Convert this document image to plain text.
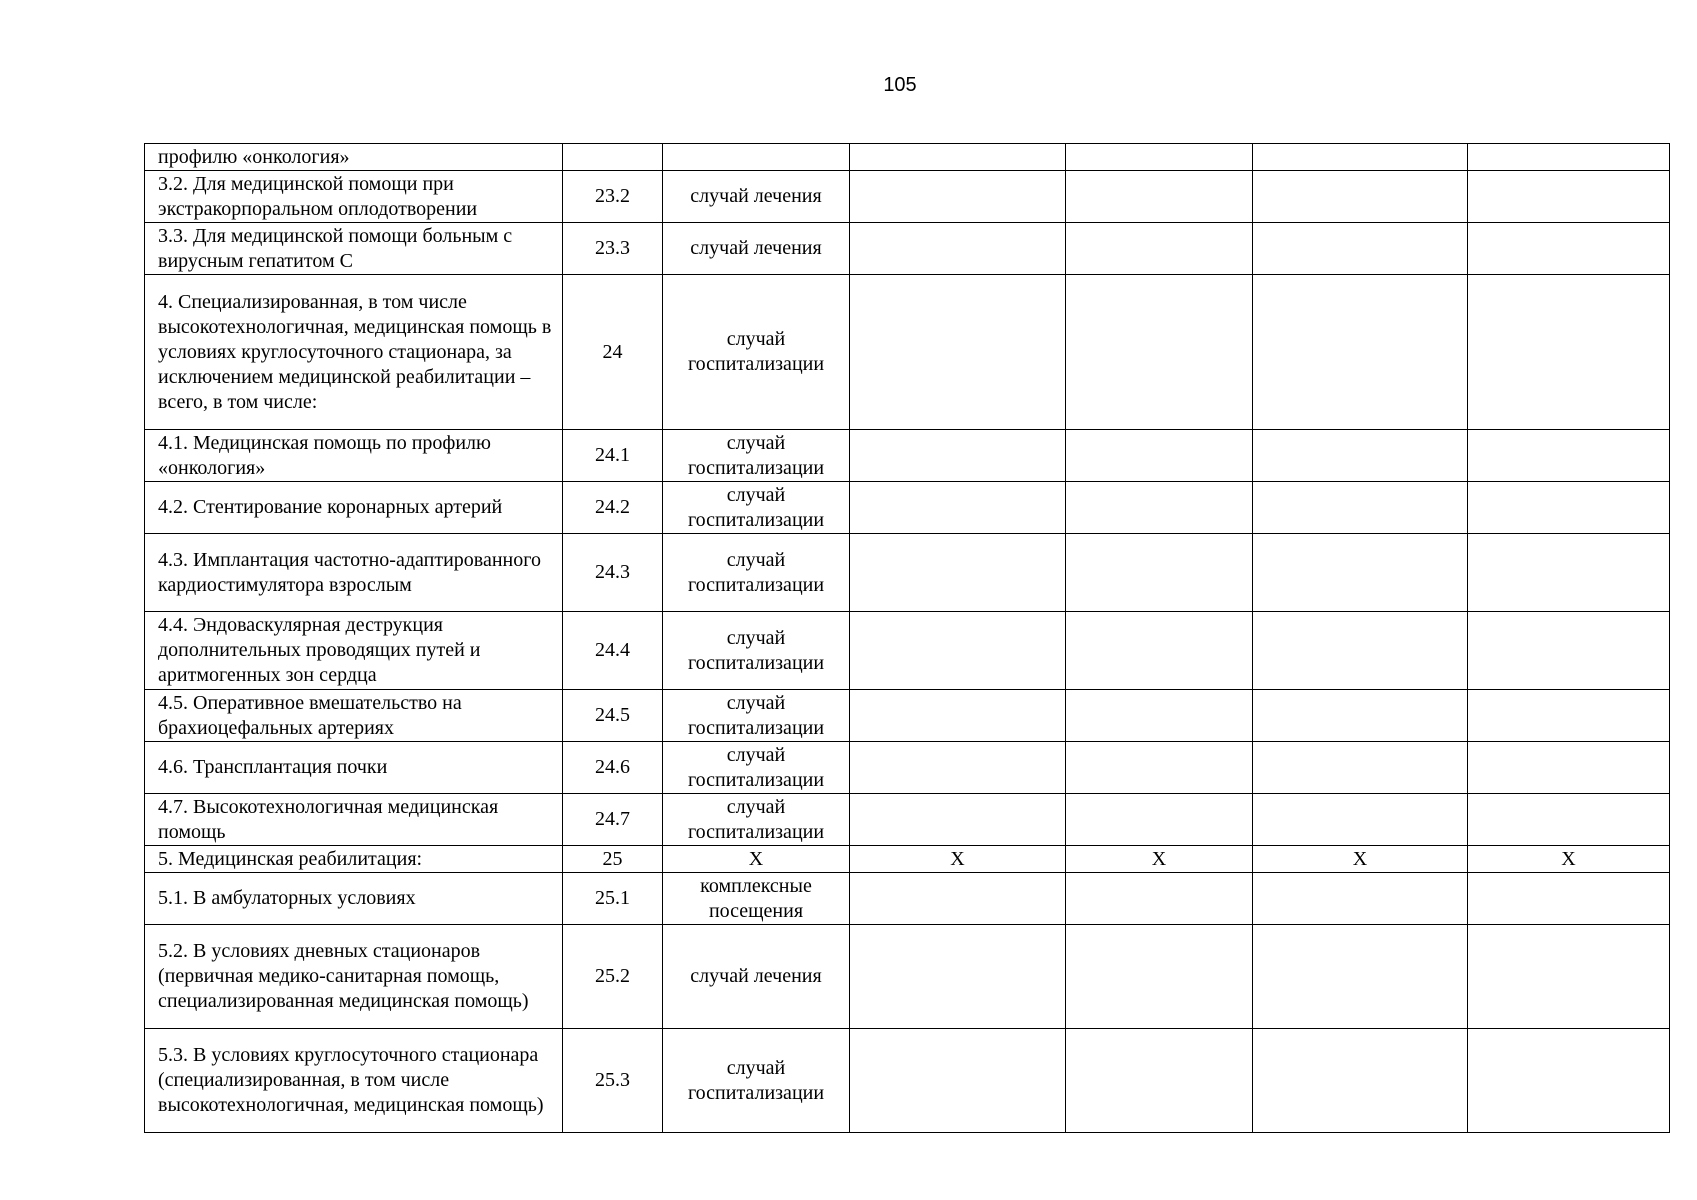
105
профилю «онкология»						
3.2. Для медицинской помощи при экстракорпоральном оплодотворении	23.2	случай лечения				
3.3. Для медицинской помощи больным с вирусным гепатитом С	23.3	случай лечения				
4. Специализированная, в том числе высокотехнологичная, медицинская помощь в условиях круглосуточного стационара, за исключением медицинской реабилитации – всего, в том числе:	24	случай госпитализации				
4.1. Медицинская помощь по профилю «онкология»	24.1	случай госпитализации				
4.2. Стентирование коронарных артерий	24.2	случай госпитализации				
4.3. Имплантация частотно-адаптированного кардиостимулятора взрослым	24.3	случай госпитализации				
4.4. Эндоваскулярная деструкция дополнительных проводящих путей и аритмогенных зон сердца	24.4	случай госпитализации				
4.5. Оперативное вмешательство на брахиоцефальных артериях	24.5	случай госпитализации				
4.6. Трансплантация почки	24.6	случай госпитализации				
4.7. Высокотехнологичная медицинская помощь	24.7	случай госпитализации				
5. Медицинская реабилитация:	25	Х	Х	Х	Х	Х
5.1. В амбулаторных условиях	25.1	комплексные посещения				
5.2. В условиях дневных стационаров (первичная медико-санитарная помощь, специализированная медицинская помощь)	25.2	случай лечения				
5.3. В условиях круглосуточного стационара (специализированная, в том числе высокотехнологичная, медицинская помощь)	25.3	случай госпитализации				
